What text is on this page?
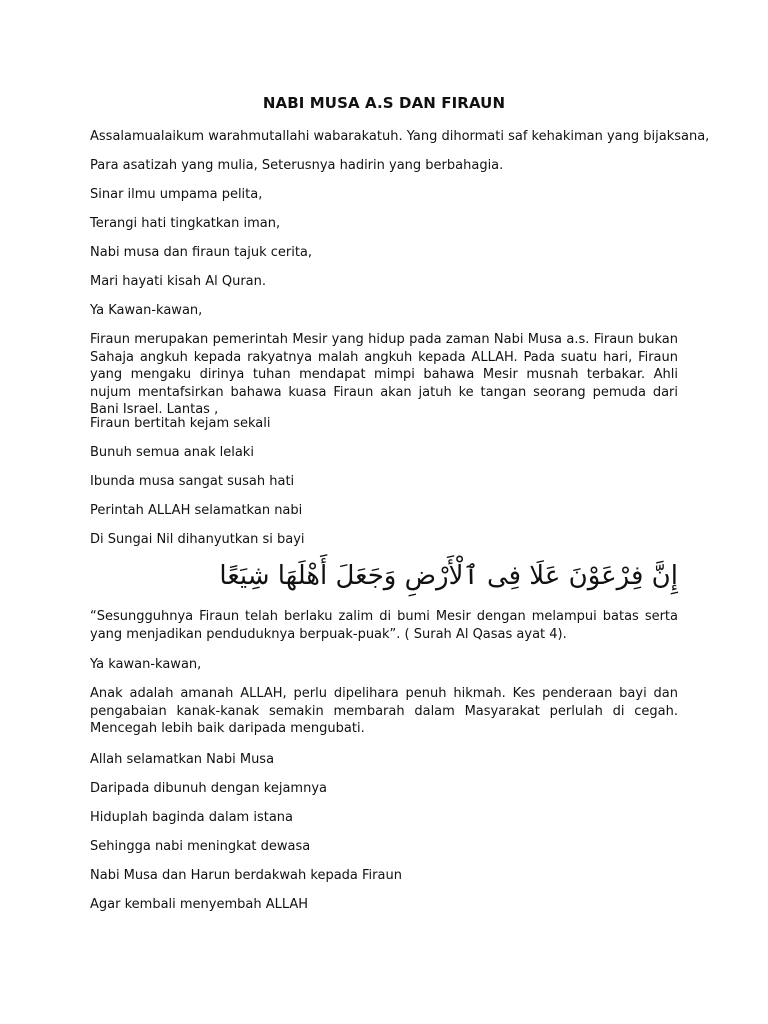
NABI MUSA A.S DAN FIRAUN
Assalamualaikum warahmutallahi wabarakatuh. Yang dihormati saf kehakiman yang bijaksana,
Para asatizah yang mulia, Seterusnya hadirin yang berbahagia.
Sinar ilmu umpama pelita,
Terangi hati tingkatkan iman,
Nabi musa dan firaun tajuk cerita,
Mari hayati kisah Al Quran.
Ya Kawan-kawan,
Firaun merupakan pemerintah Mesir yang hidup pada zaman Nabi Musa a.s. Firaun bukan Sahaja angkuh kepada rakyatnya malah angkuh kepada ALLAH. Pada suatu hari, Firaun yang mengaku dirinya tuhan mendapat mimpi bahawa Mesir musnah terbakar. Ahli nujum mentafsirkan bahawa kuasa Firaun akan jatuh ke tangan seorang pemuda dari Bani Israel. Lantas ,
Firaun bertitah kejam sekali
Bunuh semua anak lelaki
Ibunda musa sangat susah hati
Perintah ALLAH selamatkan nabi
Di Sungai Nil dihanyutkan si bayi
إِنَّ فِرْعَوْنَ عَلَا فِى ٱلْأَرْضِ وَجَعَلَ أَهْلَهَا شِيَعًا
“Sesungguhnya Firaun telah berlaku zalim di bumi Mesir dengan melampui batas serta yang menjadikan penduduknya berpuak-puak”. ( Surah Al Qasas ayat 4).
Ya kawan-kawan,
Anak adalah amanah ALLAH, perlu dipelihara penuh hikmah. Kes penderaan bayi dan pengabaian kanak-kanak semakin membarah dalam Masyarakat perlulah di cegah. Mencegah lebih baik daripada mengubati.
Allah selamatkan Nabi Musa
Daripada dibunuh dengan kejamnya
Hiduplah baginda dalam istana
Sehingga nabi meningkat dewasa
Nabi Musa dan Harun berdakwah kepada Firaun
Agar kembali menyembah ALLAH
